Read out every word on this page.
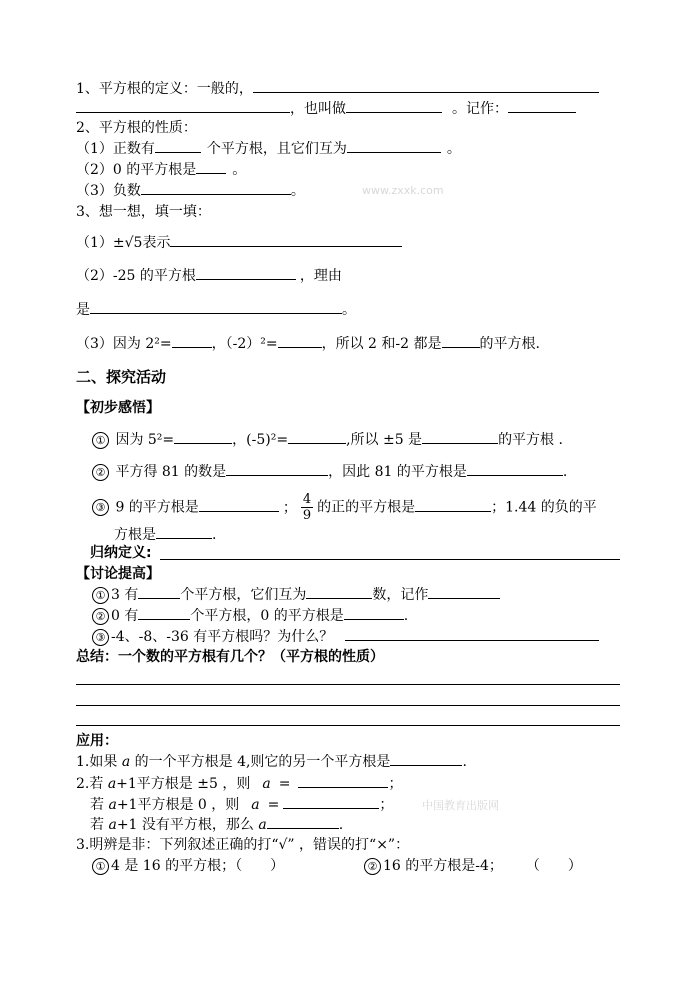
1、平方根的定义：一般的，
，也叫做	。记作：
2、平方根的性质：
（1）正数有	个平方根，且它们互为	。
（2）0 的平方根是	。
（3）负数	。	www.zxxk.com
3、想一想，填一填：
（1）±√5表示
（2）-25 的平方根	，理由
是	。
（3）因为 2²=	，（-2）²=	，所以 2 和-2 都是	的平方根.
二、探究活动
【初步感悟】
① 因为 5²=	，(-5)²=	,所以 ±5 是	的平方根 .
② 平方得 81 的数是	，因此 81 的平方根是	.
③ 9 的平方根是	； $\frac{4}{9}$ 的正的平方根是	；1.44 的负的平
方根是	.
归纳定义:
【讨论提高】
① 3 有	个平方根，它们互为	数，记作
② 0 有	个平方根，0 的平方根是	.
③ -4、-8、-36 有平方根吗？为什么？
总结：一个数的平方根有几个？（平方根的性质）
应用：
1.如果 a 的一个平方根是 4,则它的另一个平方根是	.
2.若 a+1平方根是 ±5 ，则 a =	；
若 a+1平方根是 0 ，则 a =	；	中国教育出版网
若 a+1 没有平方根，那么 a	.
3.明辨是非：下列叙述正确的打“√” ，错误的打“×”：
① 4 是 16 的平方根；（　　）	② 16 的平方根是-4； （　　）
